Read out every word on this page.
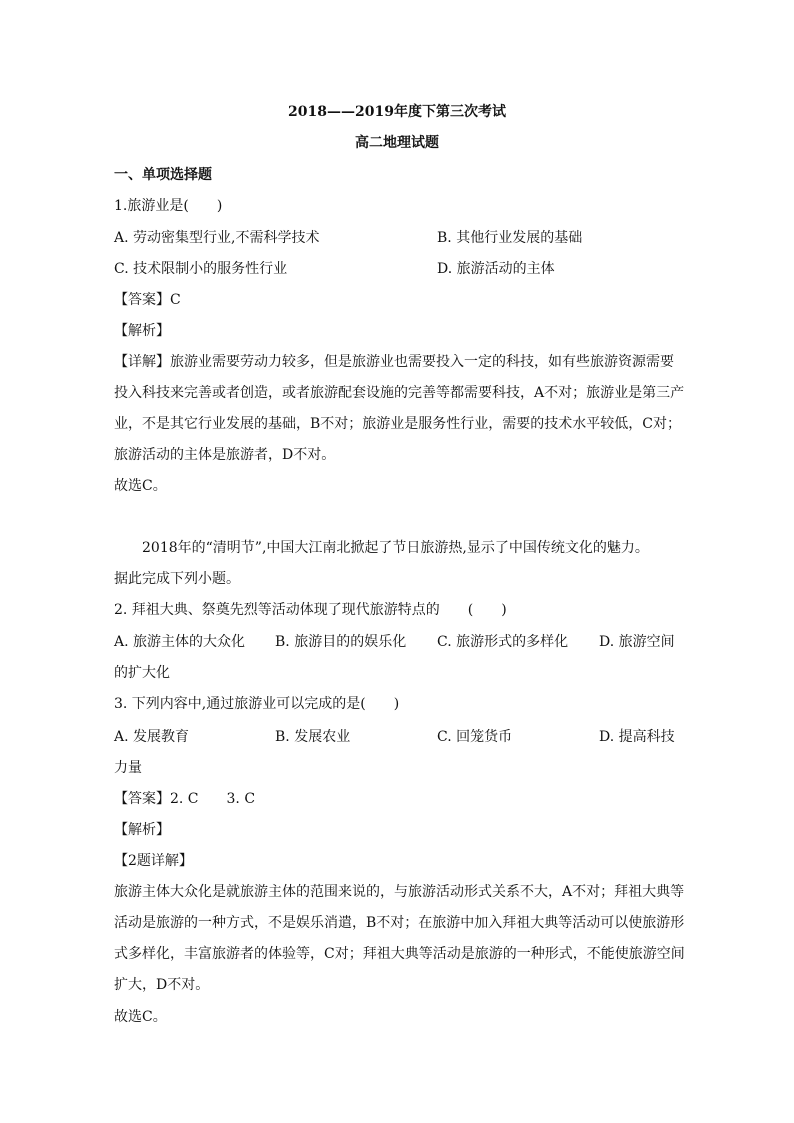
2018——2019年度下第三次考试
高二地理试题
一、单项选择题
1.旅游业是(　　)
A. 劳动密集型行业,不需科学技术	B. 其他行业发展的基础
C. 技术限制小的服务性行业	D. 旅游活动的主体
【答案】C
【解析】
【详解】旅游业需要劳动力较多，但是旅游业也需要投入一定的科技，如有些旅游资源需要
投入科技来完善或者创造，或者旅游配套设施的完善等都需要科技，A不对；旅游业是第三产
业，不是其它行业发展的基础，B不对；旅游业是服务性行业，需要的技术水平较低，C对；
旅游活动的主体是旅游者，D不对。
故选C。
2018年的“清明节”,中国大江南北掀起了节日旅游热,显示了中国传统文化的魅力。
据此完成下列小题。
2. 拜祖大典、祭奠先烈等活动体现了现代旅游特点的　　(　　)
A. 旅游主体的大众化 B. 旅游目的的娱乐化 C. 旅游形式的多样化 D. 旅游空间
的扩大化
3. 下列内容中,通过旅游业可以完成的是(　　)
A. 发展教育	B. 发展农业	C. 回笼货币	D. 提高科技
力量
【答案】2. C　　3. C
【解析】
【2题详解】
旅游主体大众化是就旅游主体的范围来说的，与旅游活动形式关系不大，A不对；拜祖大典等
活动是旅游的一种方式，不是娱乐消遣，B不对；在旅游中加入拜祖大典等活动可以使旅游形
式多样化，丰富旅游者的体验等，C对；拜祖大典等活动是旅游的一种形式，不能使旅游空间
扩大，D不对。
故选C。
